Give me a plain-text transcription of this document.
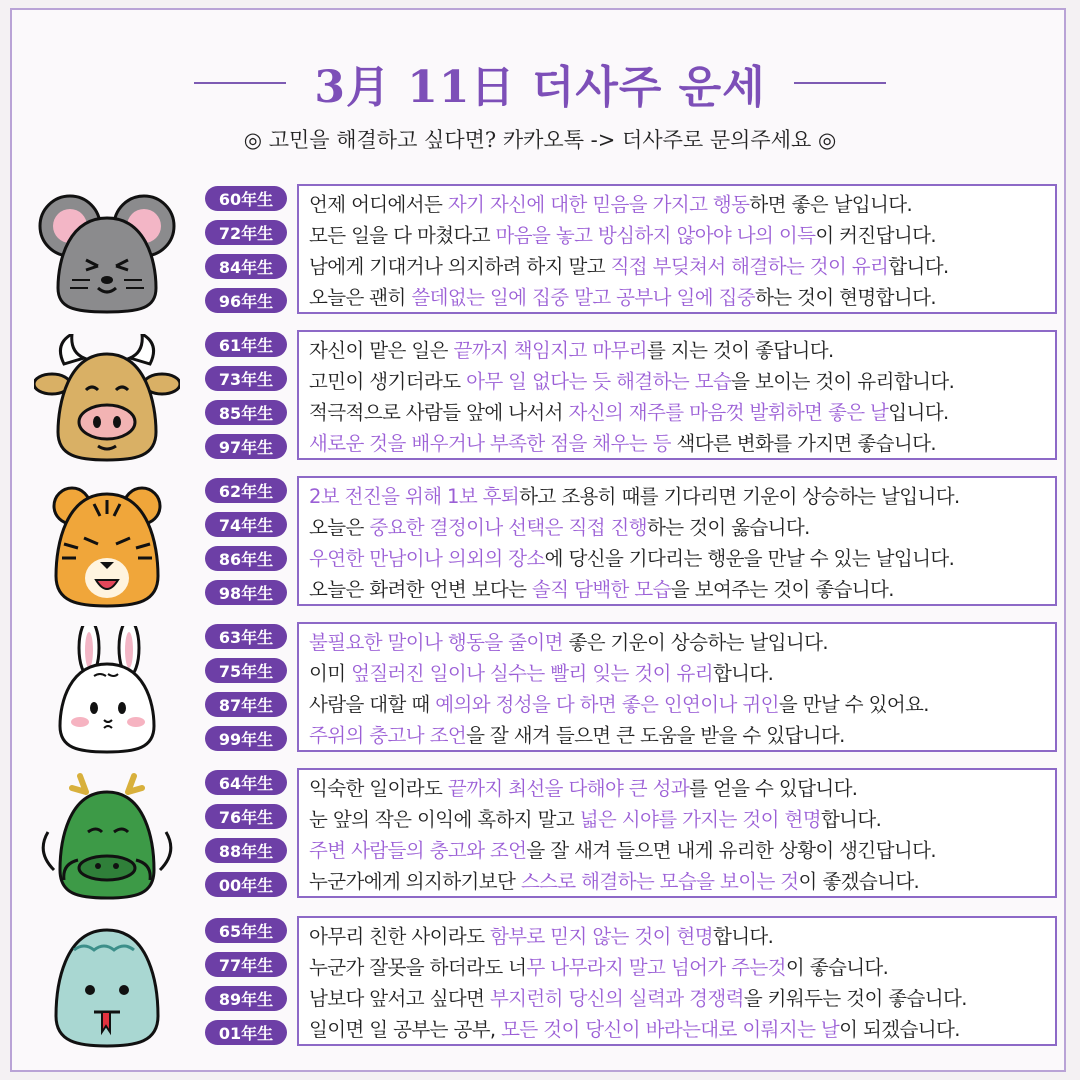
3月 11日 더사주 운세
◎ 고민을 해결하고 싶다면? 카카오톡 -> 더사주로 문의주세요 ◎
60年生
72年生
84年生
96年生
언제 어디에서든 자기 자신에 대한 믿음을 가지고 행동하면 좋은 날입니다.
모든 일을 다 마쳤다고 마음을 놓고 방심하지 않아야 나의 이득이 커진답니다.
남에게 기대거나 의지하려 하지 말고 직접 부딪쳐서 해결하는 것이 유리합니다.
오늘은 괜히 쓸데없는 일에 집중 말고 공부나 일에 집중하는 것이 현명합니다.
61年生
73年生
85年生
97年生
자신이 맡은 일은 끝까지 책임지고 마무리를 지는 것이 좋답니다.
고민이 생기더라도 아무 일 없다는 듯 해결하는 모습을 보이는 것이 유리합니다.
적극적으로 사람들 앞에 나서서 자신의 재주를 마음껏 발휘하면 좋은 날입니다.
새로운 것을 배우거나 부족한 점을 채우는 등 색다른 변화를 가지면 좋습니다.
62年生
74年生
86年生
98年生
2보 전진을 위해 1보 후퇴하고 조용히 때를 기다리면 기운이 상승하는 날입니다.
오늘은 중요한 결정이나 선택은 직접 진행하는 것이 옳습니다.
우연한 만남이나 의외의 장소에 당신을 기다리는 행운을 만날 수 있는 날입니다.
오늘은 화려한 언변 보다는 솔직 담백한 모습을 보여주는 것이 좋습니다.
63年生
75年生
87年生
99年生
불필요한 말이나 행동을 줄이면 좋은 기운이 상승하는 날입니다.
이미 엎질러진 일이나 실수는 빨리 잊는 것이 유리합니다.
사람을 대할 때 예의와 정성을 다 하면 좋은 인연이나 귀인을 만날 수 있어요.
주위의 충고나 조언을 잘 새겨 들으면 큰 도움을 받을 수 있답니다.
64年生
76年生
88年生
00年生
익숙한 일이라도 끝까지 최선을 다해야 큰 성과를 얻을 수 있답니다.
눈 앞의 작은 이익에 혹하지 말고 넓은 시야를 가지는 것이 현명합니다.
주변 사람들의 충고와 조언을 잘 새겨 들으면 내게 유리한 상황이 생긴답니다.
누군가에게 의지하기보단 스스로 해결하는 모습을 보이는 것이 좋겠습니다.
65年生
77年生
89年生
01年生
아무리 친한 사이라도 함부로 믿지 않는 것이 현명합니다.
누군가 잘못을 하더라도 너무 나무라지 말고 넘어가 주는것이 좋습니다.
남보다 앞서고 싶다면 부지런히 당신의 실력과 경쟁력을 키워두는 것이 좋습니다.
일이면 일 공부는 공부, 모든 것이 당신이 바라는대로 이뤄지는 날이 되겠습니다.
